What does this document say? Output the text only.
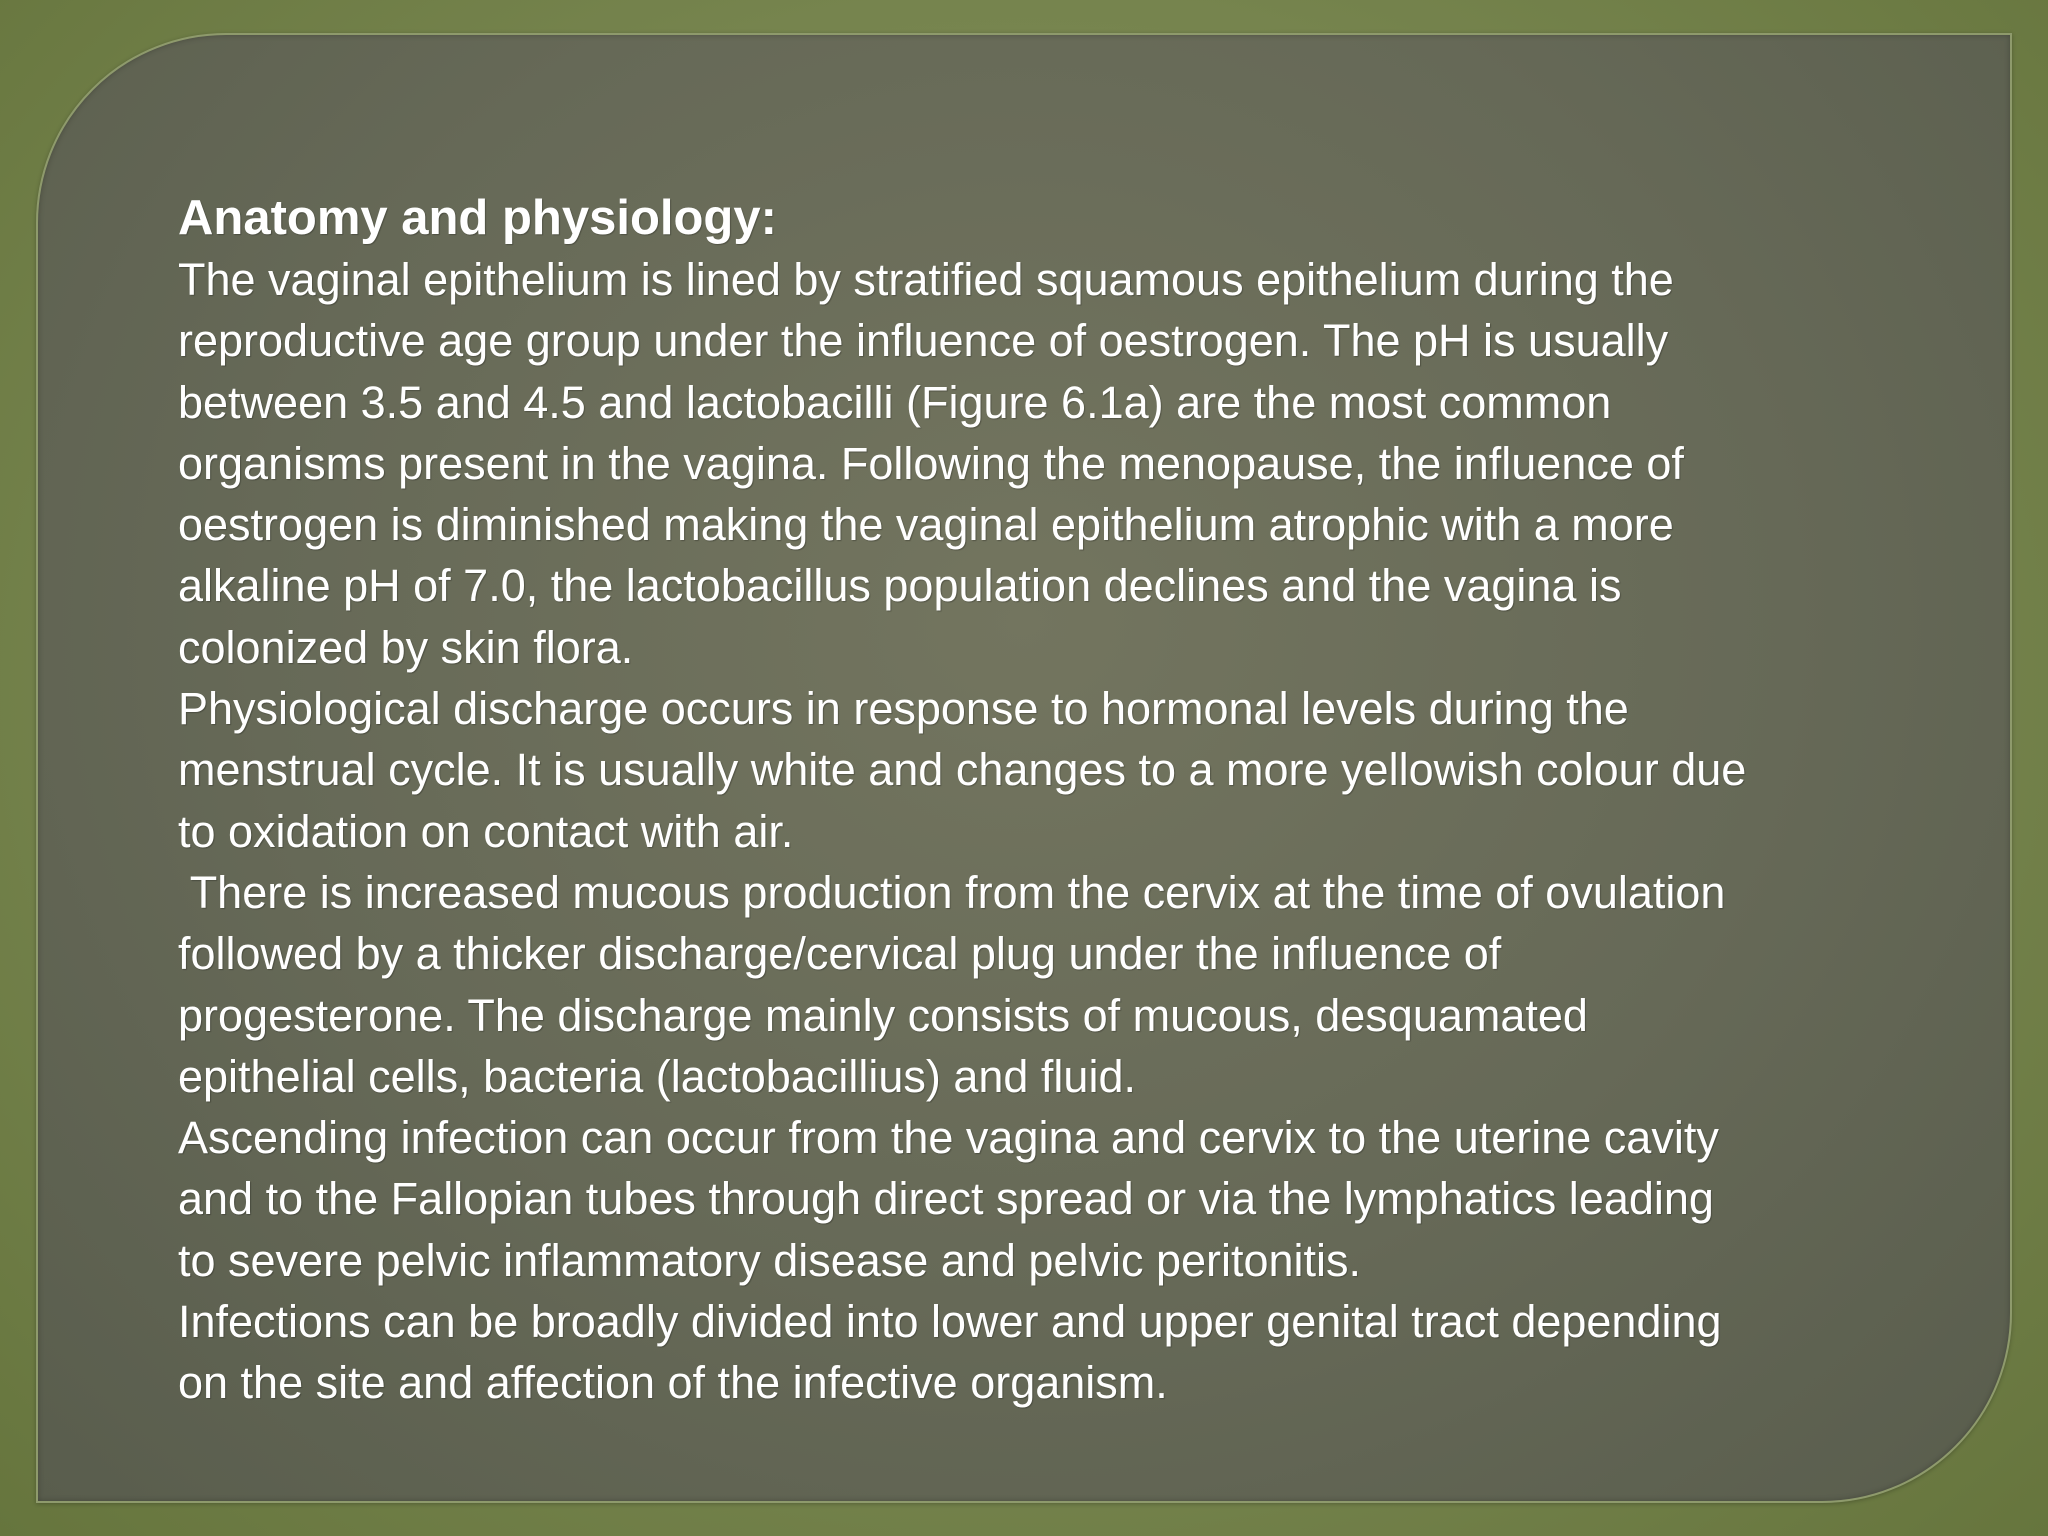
Anatomy and physiology:
The vaginal epithelium is lined by stratified squamous epithelium during the
reproductive age group under the influence of oestrogen. The pH is usually
between 3.5 and 4.5 and lactobacilli (Figure 6.1a) are the most common
organisms present in the vagina. Following the menopause, the influence of
oestrogen is diminished making the vaginal epithelium atrophic with a more
alkaline pH of 7.0, the lactobacillus population declines and the vagina is
colonized by skin flora.
Physiological discharge occurs in response to hormonal levels during the
menstrual cycle. It is usually white and changes to a more yellowish colour due
to oxidation on contact with air.
There is increased mucous production from the cervix at the time of ovulation
followed by a thicker discharge/cervical plug under the influence of
progesterone. The discharge mainly consists of mucous, desquamated
epithelial cells, bacteria (lactobacillius) and fluid.
Ascending infection can occur from the vagina and cervix to the uterine cavity
and to the Fallopian tubes through direct spread or via the lymphatics leading
to severe pelvic inflammatory disease and pelvic peritonitis.
Infections can be broadly divided into lower and upper genital tract depending
on the site and affection of the infective organism.
